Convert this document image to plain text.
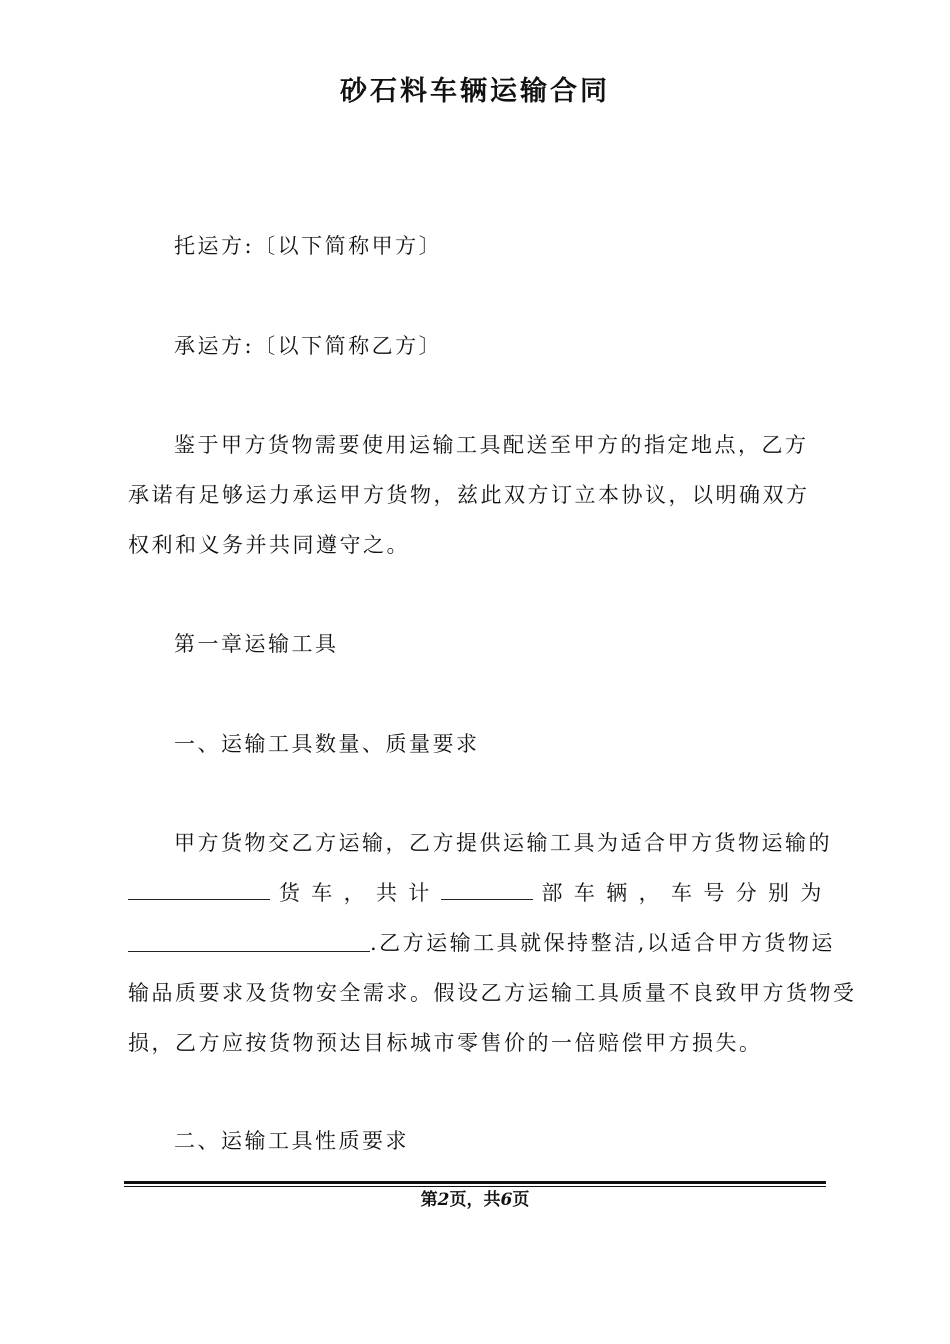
砂石料车辆运输合同

托运方:〔以下简称甲方〕

承运方:〔以下简称乙方〕

鉴于甲方货物需要使用运输工具配送至甲方的指定地点，乙方承诺有足够运力承运甲方货物，兹此双方订立本协议，以明确双方权利和义务并共同遵守之。

第一章运输工具

一、运输工具数量、质量要求

甲方货物交乙方运输，乙方提供运输工具为适合甲方货物运输的
货 车 ， 共 计	部 车 辆 ， 车 号 分 别 为
.乙方运输工具就保持整洁,以适合甲方货物运
输品质要求及货物安全需求。假设乙方运输工具质量不良致甲方货物受
损，乙方应按货物预达目标城市零售价的一倍赔偿甲方损失。

二、运输工具性质要求

第2页，共6页
